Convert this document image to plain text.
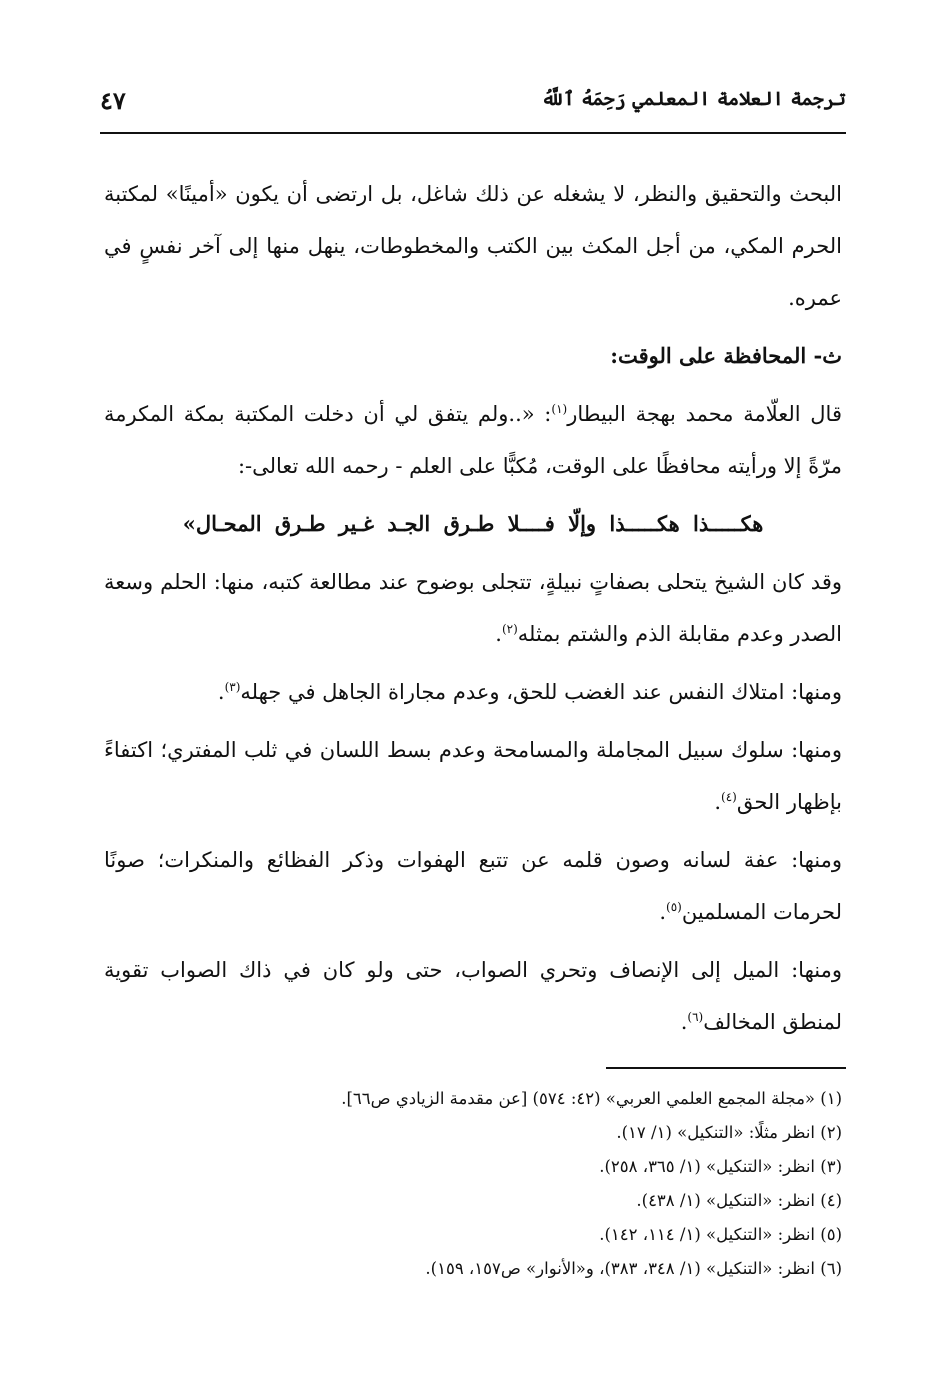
ترجمة العلامة المعلمي رَحِمَهُ ٱللَّهُ
٤٧

البحث والتحقيق والنظر، لا يشغله عن ذلك شاغل، بل ارتضى أن يكون «أمينًا» لمكتبة الحرم المكي، من أجل المكث بين الكتب والمخطوطات، ينهل منها إلى آخر نفسٍ في عمره.

ث- المحافظة على الوقت:

قال العلّامة محمد بهجة البيطار$^{(١)}$: «..ولم يتفق لي أن دخلت المكتبة بمكة المكرمة مرّةً إلا ورأيته محافظًا على الوقت، مُكبًّا على العلم - رحمه الله تعالى-:

هكـــــذا هكـــــذا وإلّا فــــلا طـرق الجـد غـير طـرق المحـال»

وقد كان الشيخ يتحلى بصفاتٍ نبيلةٍ، تتجلى بوضوح عند مطالعة كتبه، منها: الحلم وسعة الصدر وعدم مقابلة الذم والشتم بمثله$^{(٢)}$.

ومنها: امتلاك النفس عند الغضب للحق، وعدم مجاراة الجاهل في جهله$^{(٣)}$.

ومنها: سلوك سبيل المجاملة والمسامحة وعدم بسط اللسان في ثلب المفتري؛ اكتفاءً بإظهار الحق$^{(٤)}$.

ومنها: عفة لسانه وصون قلمه عن تتبع الهفوات وذكر الفظائع والمنكرات؛ صونًا لحرمات المسلمين$^{(٥)}$.

ومنها: الميل إلى الإنصاف وتحري الصواب، حتى ولو كان في ذاك الصواب تقوية لمنطق المخالف$^{(٦)}$.

(١) «مجلة المجمع العلمي العربي» (٤٢: ٥٧٤) [عن مقدمة الزيادي ص٦٦].
(٢) انظر مثلًا: «التنكيل» (١/ ١٧).
(٣) انظر: «التنكيل» (١/ ٣٦٥، ٢٥٨).
(٤) انظر: «التنكيل» (١/ ٤٣٨).
(٥) انظر: «التنكيل» (١/ ١١٤، ١٤٢).
(٦) انظر: «التنكيل» (١/ ٣٤٨، ٣٨٣)، و«الأنوار» ص١٥٧، ١٥٩).
